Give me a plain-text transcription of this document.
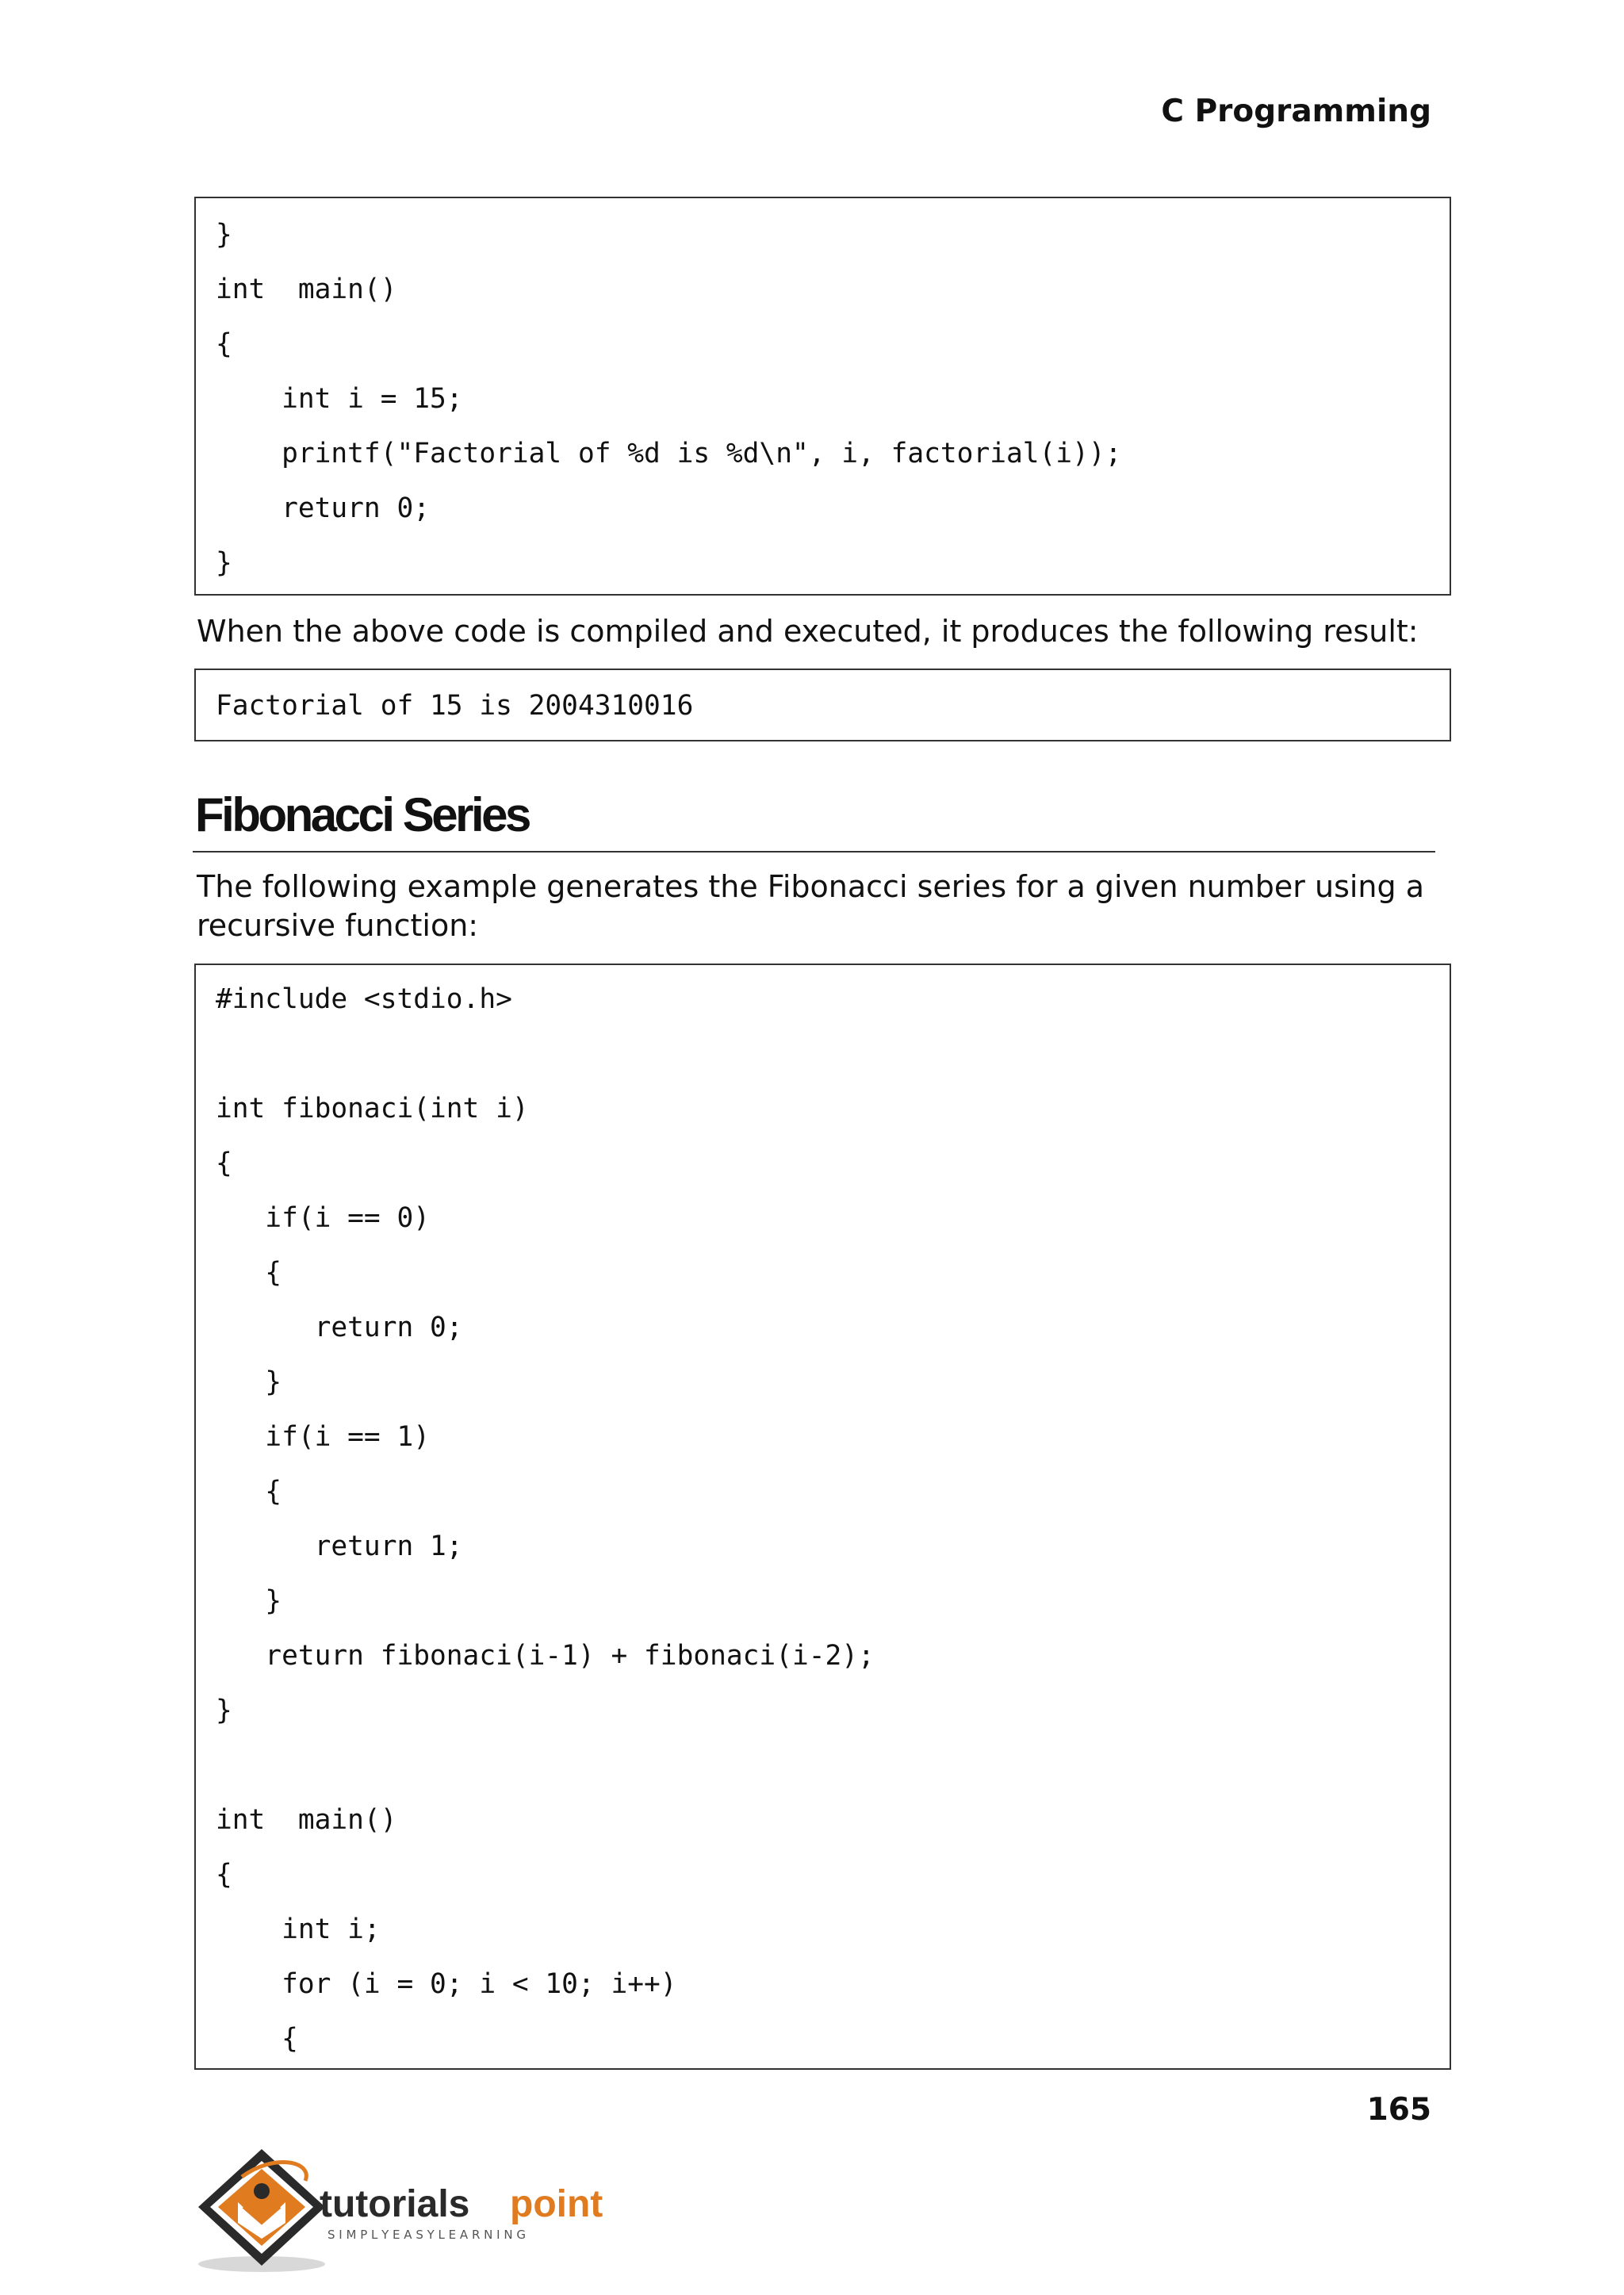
C Programming
}
int  main()
{
int i = 15;
printf("Factorial of %d is %d\n", i, factorial(i));
return 0;
}
When the above code is compiled and executed, it produces the following result:
Factorial of 15 is 2004310016
Fibonacci Series
The following example generates the Fibonacci series for a given number using a
recursive function:
#include <stdio.h>
int fibonaci(int i)
{
if(i == 0)
{
return 0;
}
if(i == 1)
{
return 1;
}
return fibonaci(i-1) + fibonaci(i-2);
}
int  main()
{
int i;
for (i = 0; i < 10; i++)
{
165
tutorials point
S I M P L Y E A S Y L E A R N I N G
